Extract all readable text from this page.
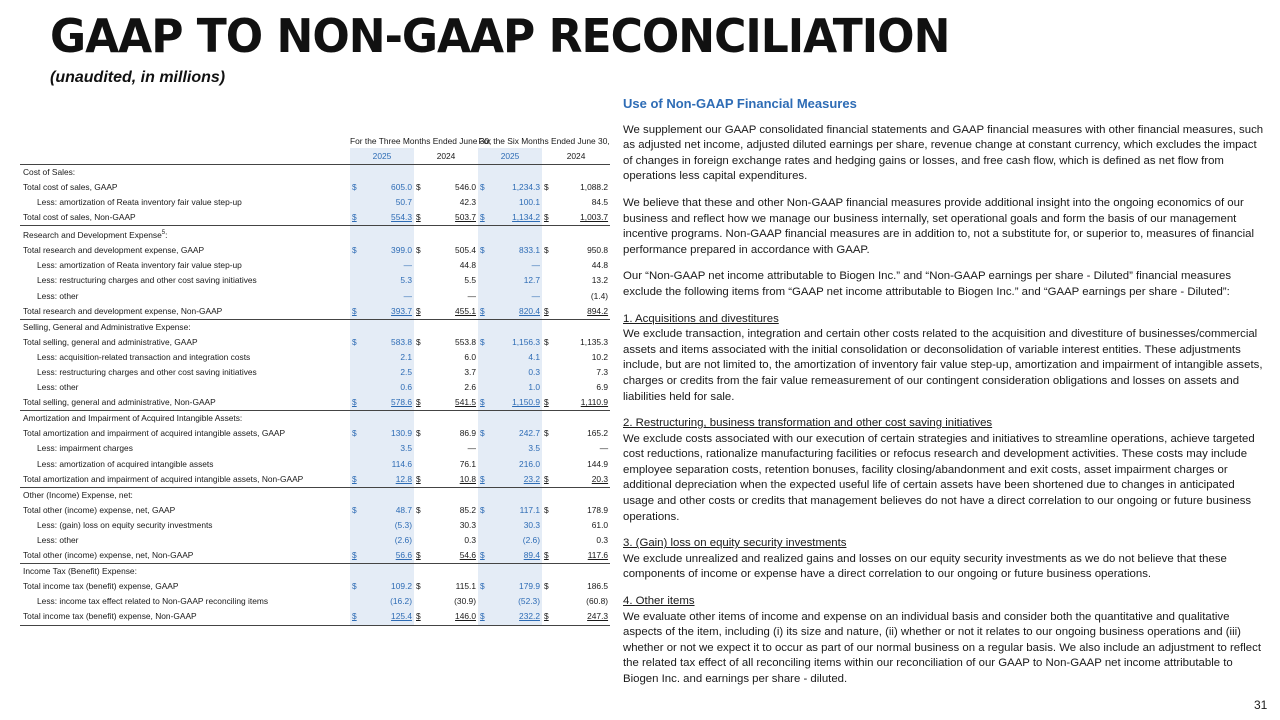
GAAP TO NON-GAAP RECONCILIATION
(unaudited, in millions)
	For the Three Months Ended June 30,				For the Six Months Ended June 30,			
	2025		2024		2025		2024	
Cost of Sales:								
Total cost of sales, GAAP	$	605.0	$	546.0	$	1,234.3	$	1,088.2
Less: amortization of Reata inventory fair value step-up		50.7		42.3		100.1		84.5
Total cost of sales, Non-GAAP	$	554.3	$	503.7	$	1,134.2	$	1,003.7
Research and Development Expense$^5$:								
Total research and development expense, GAAP	$	399.0	$	505.4	$	833.1	$	950.8
Less: amortization of Reata inventory fair value step-up		—		44.8		—		44.8
Less: restructuring charges and other cost saving initiatives		5.3		5.5		12.7		13.2
Less: other		—		—		—		(1.4)
Total research and development expense, Non-GAAP	$	393.7	$	455.1	$	820.4	$	894.2
Selling, General and Administrative Expense:								
Total selling, general and administrative, GAAP	$	583.8	$	553.8	$	1,156.3	$	1,135.3
Less: acquisition-related transaction and integration costs		2.1		6.0		4.1		10.2
Less: restructuring charges and other cost saving initiatives		2.5		3.7		0.3		7.3
Less: other		0.6		2.6		1.0		6.9
Total selling, general and administrative, Non-GAAP	$	578.6	$	541.5	$	1,150.9	$	1,110.9
Amortization and Impairment of Acquired Intangible Assets:								
Total amortization and impairment of acquired intangible assets, GAAP	$	130.9	$	86.9	$	242.7	$	165.2
Less: impairment charges		3.5		—		3.5		—
Less: amortization of acquired intangible assets		114.6		76.1		216.0		144.9
Total amortization and impairment of acquired intangible assets, Non-GAAP	$	12.8	$	10.8	$	23.2	$	20.3
Other (Income) Expense, net:								
Total other (income) expense, net, GAAP	$	48.7	$	85.2	$	117.1	$	178.9
Less: (gain) loss on equity security investments		(5.3)		30.3		30.3		61.0
Less: other		(2.6)		0.3		(2.6)		0.3
Total other (income) expense, net, Non-GAAP	$	56.6	$	54.6	$	89.4	$	117.6
Income Tax (Benefit) Expense:								
Total income tax (benefit) expense, GAAP	$	109.2	$	115.1	$	179.9	$	186.5
Less: income tax effect related to Non-GAAP reconciling items		(16.2)		(30.9)		(52.3)		(60.8)
Total income tax (benefit) expense, Non-GAAP	$	125.4	$	146.0	$	232.2	$	247.3

Use of Non-GAAP Financial Measures

We supplement our GAAP consolidated financial statements and GAAP financial measures with other financial measures, such as adjusted net income, adjusted diluted earnings per share, revenue change at constant currency, which excludes the impact of changes in foreign exchange rates and hedging gains or losses, and free cash flow, which is defined as net flow from operations less capital expenditures.

We believe that these and other Non-GAAP financial measures provide additional insight into the ongoing economics of our business and reflect how we manage our business internally, set operational goals and form the basis of our management incentive programs. Non-GAAP financial measures are in addition to, not a substitute for, or superior to, measures of financial performance prepared in accordance with GAAP.

Our “Non-GAAP net income attributable to Biogen Inc.” and “Non-GAAP earnings per share - Diluted” financial measures exclude the following items from “GAAP net income attributable to Biogen Inc.” and “GAAP earnings per share - Diluted”:

1. Acquisitions and divestitures
We exclude transaction, integration and certain other costs related to the acquisition and divestiture of businesses/commercial assets and items associated with the initial consolidation or deconsolidation of variable interest entities. These adjustments include, but are not limited to, the amortization of inventory fair value step-up, amortization and impairment of intangible assets, charges or credits from the fair value remeasurement of our contingent consideration obligations and losses on assets and liabilities held for sale.

2. Restructuring, business transformation and other cost saving initiatives
We exclude costs associated with our execution of certain strategies and initiatives to streamline operations, achieve targeted cost reductions, rationalize manufacturing facilities or refocus research and development activities. These costs may include employee separation costs, retention bonuses, facility closing/abandonment and exit costs, asset impairment charges or additional depreciation when the expected useful life of certain assets have been shortened due to changes in anticipated usage and other costs or credits that management believes do not have a direct correlation to our ongoing or future business operations.

3. (Gain) loss on equity security investments
We exclude unrealized and realized gains and losses on our equity security investments as we do not believe that these components of income or expense have a direct correlation to our ongoing or future business operations.

4. Other items
We evaluate other items of income and expense on an individual basis and consider both the quantitative and qualitative aspects of the item, including (i) its size and nature, (ii) whether or not it relates to our ongoing business operations and (iii) whether or not we expect it to occur as part of our normal business on a regular basis. We also include an adjustment to reflect the related tax effect of all reconciling items within our reconciliation of our GAAP to Non-GAAP net income attributable to Biogen Inc. and earnings per share - diluted.

31
